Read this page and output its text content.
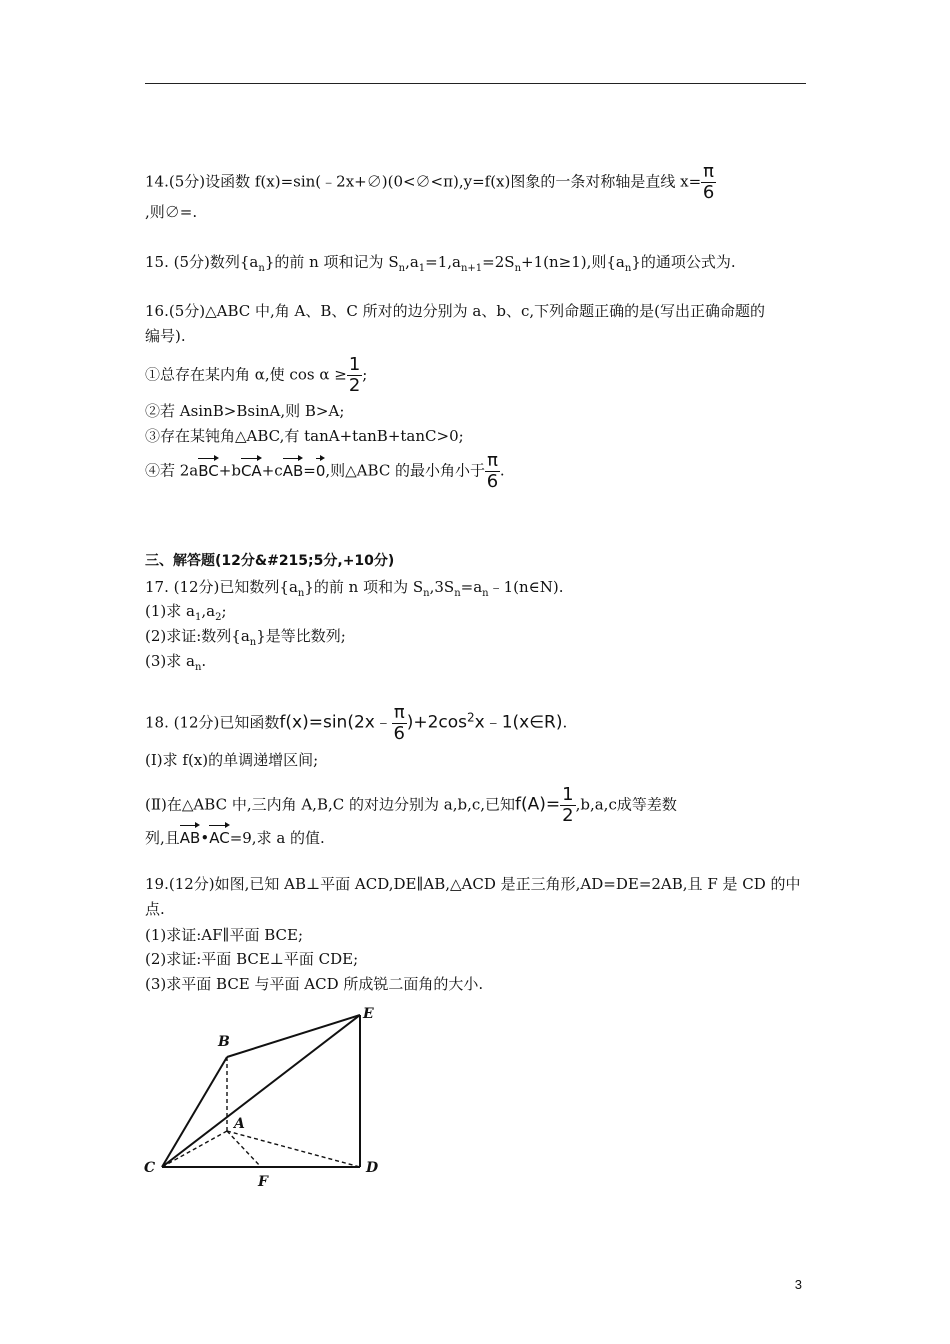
14.(5分)设函数 f(x)=sin(﹣2x+∅)(0<∅<π),y=f(x)图象的一条对称轴是直线 $x= \frac{\pi}{6}$
,则∅=.
15. (5分)数列$\{a_n\}$的前 n 项和记为 $S_n,a_1=1,a_{n+1}=2S_n+1(n\ge 1)$,则$\{a_n\}$的通项公式为.
16.(5分)△ABC 中,角 A、B、C 所对的边分别为 a、b、c,下列命题正确的是(写出正确命题的
编号).
①总存在某内角 α,使 $\cos \alpha \ge \frac{1}{2}$ ;
②若 AsinB>BsinA,则 B>A;
③存在某钝角△ABC,有 tanA+tanB+tanC>0;
④若 2aBC+bCA+cAB=0,则△ABC 的最小角小于 $\frac{\pi}{6}$ .
三、解答题(12分&#215;5分,+10分)
17. (12分)已知数列$\{a_n\}$的前 n 项和为 $S_n,3S_n=a_n﹣1(n\in N)$.
(1)求 $a_1,a_2$;
(2)求证:数列$\{a_n\}$是等比数列;
(3)求 $a_n$.
18. (12分)已知函数f(x)=sin(2x﹣ $\frac{\pi}{6}$ )$+2\cos^2x﹣1(x\in R)$.
(Ⅰ)求 f(x)的单调递增区间;
(Ⅱ)在△ABC 中,三内角 A,B,C 的对边分别为 a,b,c,已知$f(A)= \frac{1}{2} ,b,a,c$成等差数
列,且AB•AC=9,求 a 的值.
19.(12分)如图,已知 AB⊥平面 ACD,DE∥AB,△ACD 是正三角形,AD=DE=2AB,且 F 是 CD 的中
点.
(1)求证:AF∥平面 BCE;
(2)求证:平面 BCE⊥平面 CDE;
(3)求平面 BCE 与平面 ACD 所成锐二面角的大小.
B
E
A
C
F
D
3
